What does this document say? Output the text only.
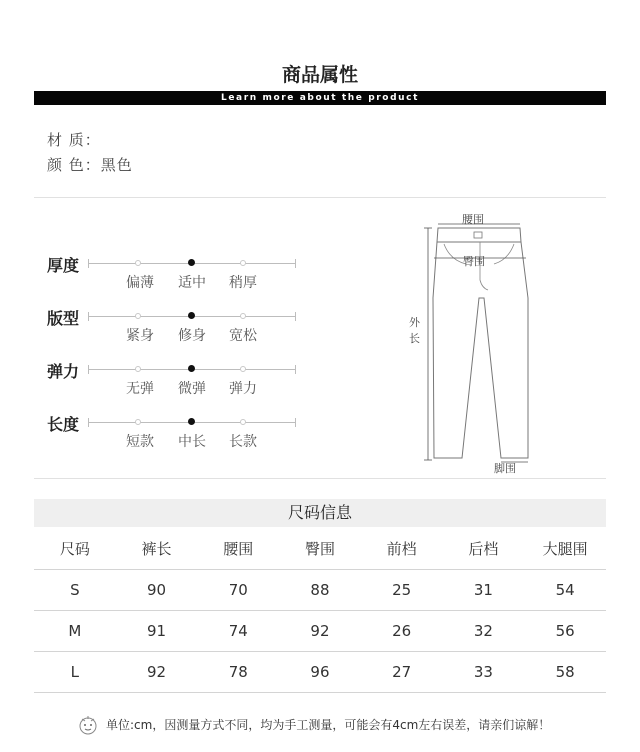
商品属性
Learn more about the product
材 质：
颜 色：黑色
厚度
偏薄	适中	稍厚
版型
紧身	修身	宽松
弹力
无弹	微弹	弹力
长度
短款	中长	长款
腰围
臀围
外
长
脚围
尺码信息
尺码	裤长	腰围	臀围	前档	后档	大腿围
S	90	70	88	25	31	54
M	91	74	92	26	32	56
L	92	78	96	27	33	58
单位:cm，因测量方式不同，均为手工测量，可能会有4cm左右误差，请亲们谅解！
